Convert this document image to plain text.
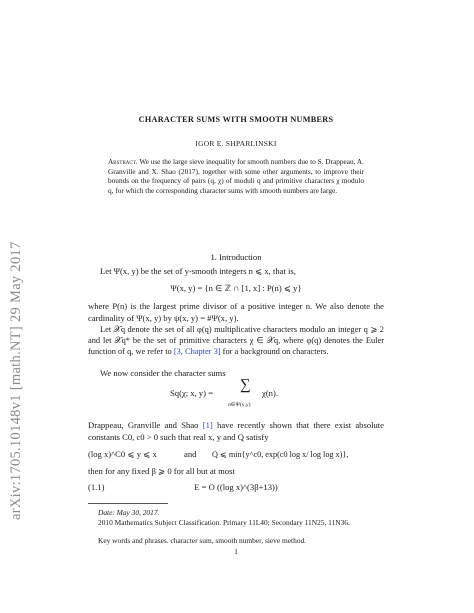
arXiv:1705.10148v1 [math.NT] 29 May 2017
CHARACTER SUMS WITH SMOOTH NUMBERS
IGOR E. SHPARLINSKI
Abstract. We use the large sieve inequality for smooth numbers due to S. Drappeau, A. Granville and X. Shao (2017), together with some other arguments, to improve their bounds on the frequency of pairs (q, χ) of moduli q and primitive characters χ modulo q, for which the corresponding character sums with smooth numbers are large.
1. Introduction
Let Ψ(x, y) be the set of y-smooth integers n ⩽ x, that is,
Ψ(x, y) = {n ∈ ℤ ∩ [1, x] : P(n) ⩽ y}
where P(n) is the largest prime divisor of a positive integer n. We also denote the cardinality of Ψ(x, y) by ψ(x, y) = #Ψ(x, y).
Let 𝒳q denote the set of all φ(q) multiplicative characters modulo an integer q ⩾ 2 and let 𝒳q* be the set of primitive characters χ ∈ 𝒳q, where φ(q) denotes the Euler function of q, we refer to [3, Chapter 3] for a background on characters.
We now consider the character sums
Sq(χ; x, y) = ∑
n∈Ψ(x,y)
χ(n).
Drappeau, Granville and Shao [1] have recently shown that there exist absolute constants C0, c0 > 0 such that real x, y and Q satisfy
(log x)^C0 ⩽ y ⩽ x	and Q ⩽ min{y^c0, exp(c0 log x/ log log x)},
then for any fixed β ⩾ 0 for all but at most
(1.1)	E = O ((log x)^(3β+13))
Date: May 30, 2017.
2010 Mathematics Subject Classification. Primary 11L40; Secondary 11N25, 11N36.
Key words and phrases. character sum, smooth number, sieve method.
1
